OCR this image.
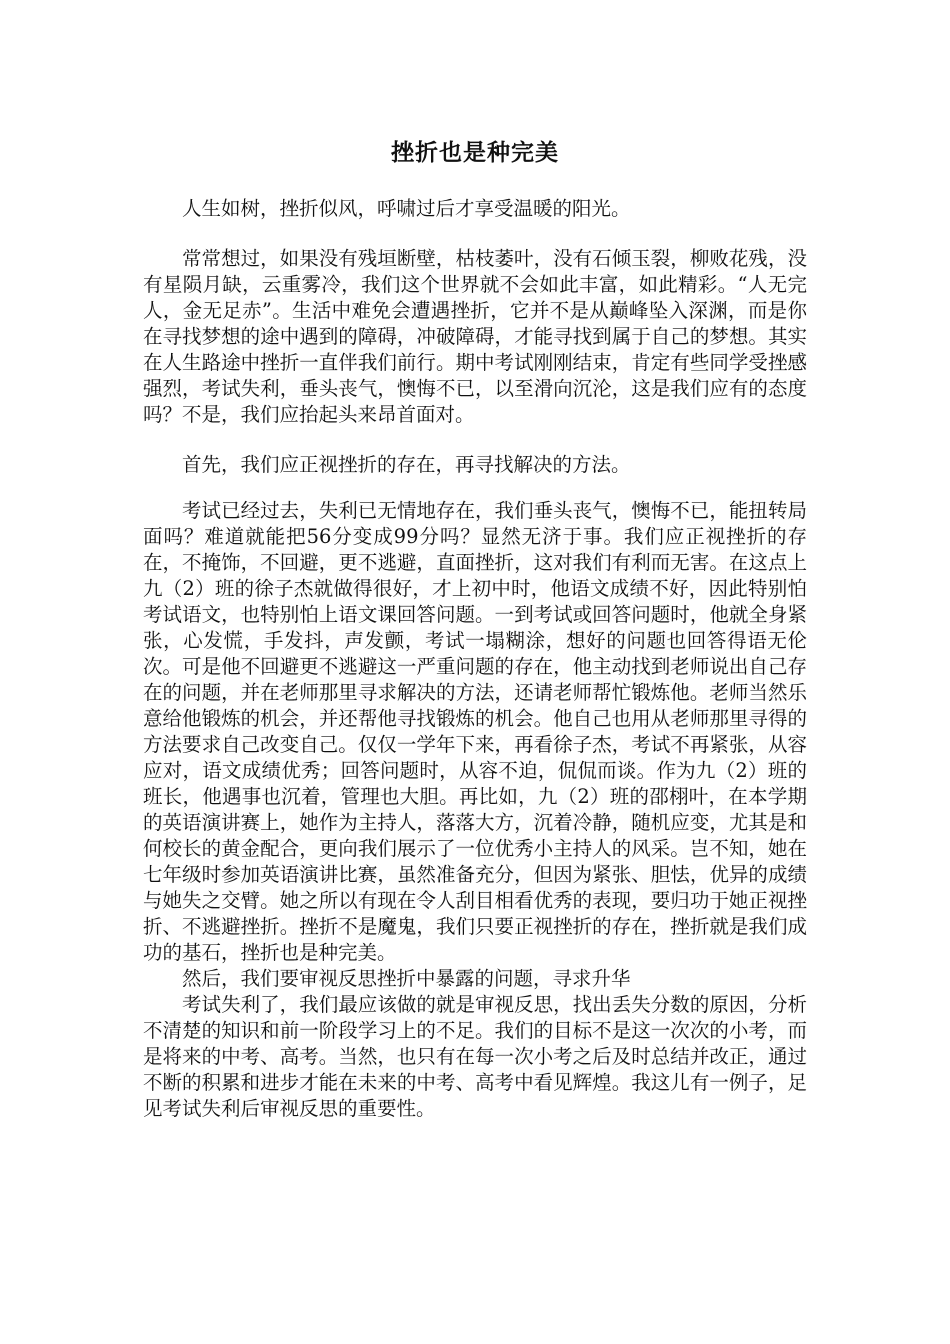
挫折也是种完美

人生如树，挫折似风，呼啸过后才享受温暖的阳光。

常常想过，如果没有残垣断壁，枯枝萎叶，没有石倾玉裂，柳败花残，没有星陨月缺，云重雾冷，我们这个世界就不会如此丰富，如此精彩。“人无完人，金无足赤”。生活中难免会遭遇挫折，它并不是从巅峰坠入深渊，而是你在寻找梦想的途中遇到的障碍，冲破障碍，才能寻找到属于自己的梦想。其实在人生路途中挫折一直伴我们前行。期中考试刚刚结束，肯定有些同学受挫感强烈，考试失利，垂头丧气，懊悔不已，以至滑向沉沦，这是我们应有的态度吗？不是，我们应抬起头来昂首面对。

首先，我们应正视挫折的存在，再寻找解决的方法。

考试已经过去，失利已无情地存在，我们垂头丧气，懊悔不已，能扭转局面吗？难道就能把56分变成99分吗？显然无济于事。我们应正视挫折的存在，不掩饰，不回避，更不逃避，直面挫折，这对我们有利而无害。在这点上九（2）班的徐子杰就做得很好，才上初中时，他语文成绩不好，因此特别怕考试语文，也特别怕上语文课回答问题。一到考试或回答问题时，他就全身紧张，心发慌，手发抖，声发颤，考试一塌糊涂，想好的问题也回答得语无伦次。可是他不回避更不逃避这一严重问题的存在，他主动找到老师说出自己存在的问题，并在老师那里寻求解决的方法，还请老师帮忙锻炼他。老师当然乐意给他锻炼的机会，并还帮他寻找锻炼的机会。他自己也用从老师那里寻得的方法要求自己改变自己。仅仅一学年下来，再看徐子杰，考试不再紧张，从容应对，语文成绩优秀；回答问题时，从容不迫，侃侃而谈。作为九（2）班的班长，他遇事也沉着，管理也大胆。再比如，九（2）班的邵栩叶，在本学期的英语演讲赛上，她作为主持人，落落大方，沉着冷静，随机应变，尤其是和何校长的黄金配合，更向我们展示了一位优秀小主持人的风采。岂不知，她在七年级时参加英语演讲比赛，虽然准备充分，但因为紧张、胆怯，优异的成绩与她失之交臂。她之所以有现在令人刮目相看优秀的表现，要归功于她正视挫折、不逃避挫折。挫折不是魔鬼，我们只要正视挫折的存在，挫折就是我们成功的基石，挫折也是种完美。

然后，我们要审视反思挫折中暴露的问题，寻求升华

考试失利了，我们最应该做的就是审视反思，找出丢失分数的原因，分析不清楚的知识和前一阶段学习上的不足。我们的目标不是这一次次的小考，而是将来的中考、高考。当然，也只有在每一次小考之后及时总结并改正，通过不断的积累和进步才能在未来的中考、高考中看见辉煌。我这儿有一例子，足见考试失利后审视反思的重要性。
